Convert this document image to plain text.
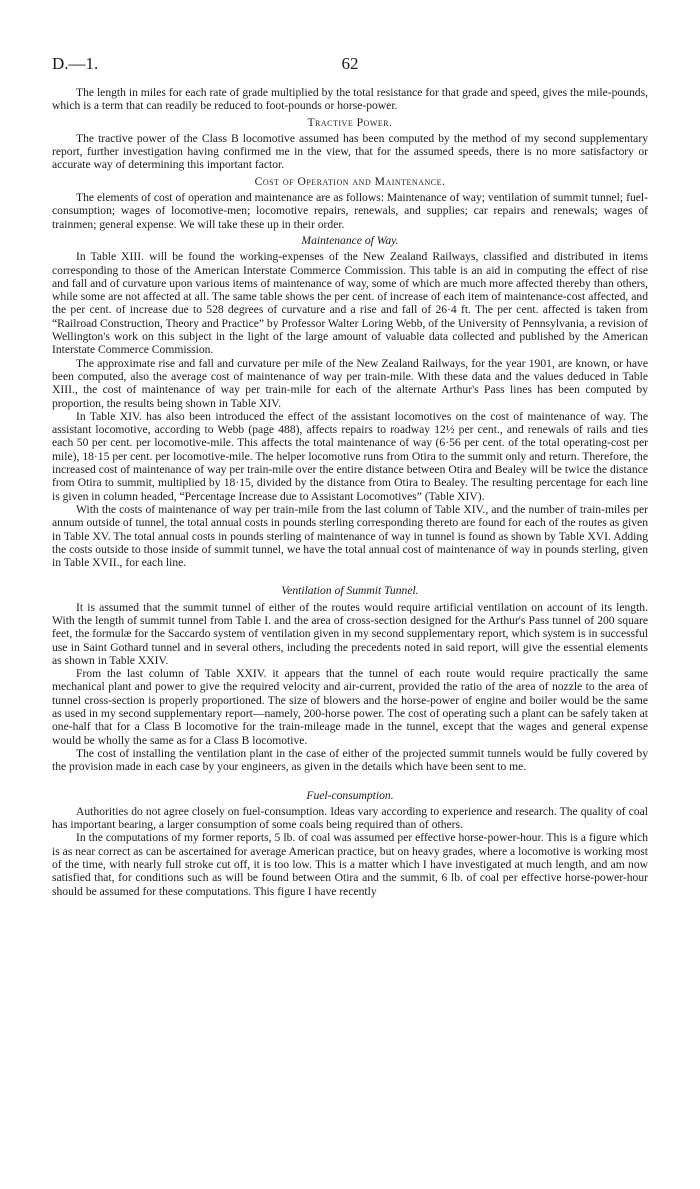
62
D.—1.

The length in miles for each rate of grade multiplied by the total resistance for that grade and speed, gives the mile-pounds, which is a term that can readily be reduced to foot-pounds or horse-power.

Tractive Power.

The tractive power of the Class B locomotive assumed has been computed by the method of my second supplementary report, further investigation having confirmed me in the view, that for the assumed speeds, there is no more satisfactory or accurate way of determining this important factor.

Cost of Operation and Maintenance.

The elements of cost of operation and maintenance are as follows: Maintenance of way; ventilation of summit tunnel; fuel-consumption; wages of locomotive-men; locomotive repairs, renewals, and supplies; car repairs and renewals; wages of trainmen; general expense. We will take these up in their order.

Maintenance of Way.

In Table XIII. will be found the working-expenses of the New Zealand Railways, classified and distributed in items corresponding to those of the American Interstate Commerce Commission. This table is an aid in computing the effect of rise and fall and of curvature upon various items of maintenance of way, some of which are much more affected thereby than others, while some are not affected at all. The same table shows the per cent. of increase of each item of maintenance-cost affected, and the per cent. of increase due to 528 degrees of curvature and a rise and fall of 26·4 ft. The per cent. affected is taken from “Railroad Construction, Theory and Practice” by Professor Walter Loring Webb, of the University of Pennsylvania, a revision of Wellington's work on this subject in the light of the large amount of valuable data collected and published by the American Interstate Commerce Commission.

The approximate rise and fall and curvature per mile of the New Zealand Railways, for the year 1901, are known, or have been computed, also the average cost of maintenance of way per train-mile. With these data and the values deduced in Table XIII., the cost of maintenance of way per train-mile for each of the alternate Arthur's Pass lines has been computed by proportion, the results being shown in Table XIV.

In Table XIV. has also been introduced the effect of the assistant locomotives on the cost of maintenance of way. The assistant locomotive, according to Webb (page 488), affects repairs to roadway 12½ per cent., and renewals of rails and ties each 50 per cent. per locomotive-mile. This affects the total maintenance of way (6·56 per cent. of the total operating-cost per mile), 18·15 per cent. per locomotive-mile. The helper locomotive runs from Otira to the summit only and return. Therefore, the increased cost of maintenance of way per train-mile over the entire distance between Otira and Bealey will be twice the distance from Otira to summit, multiplied by 18·15, divided by the distance from Otira to Bealey. The resulting percentage for each line is given in column headed, “Percentage Increase due to Assistant Locomotives” (Table XIV).

With the costs of maintenance of way per train-mile from the last column of Table XIV., and the number of train-miles per annum outside of tunnel, the total annual costs in pounds sterling corresponding thereto are found for each of the routes as given in Table XV. The total annual costs in pounds sterling of maintenance of way in tunnel is found as shown by Table XVI. Adding the costs outside to those inside of summit tunnel, we have the total annual cost of maintenance of way in pounds sterling, given in Table XVII., for each line.

Ventilation of Summit Tunnel.

It is assumed that the summit tunnel of either of the routes would require artificial ventilation on account of its length. With the length of summit tunnel from Table I. and the area of cross-section designed for the Arthur's Pass tunnel of 200 square feet, the formulæ for the Saccardo system of ventilation given in my second supplementary report, which system is in successful use in Saint Gothard tunnel and in several others, including the precedents noted in said report, will give the essential elements as shown in Table XXIV.

From the last column of Table XXIV. it appears that the tunnel of each route would require practically the same mechanical plant and power to give the required velocity and air-current, provided the ratio of the area of nozzle to the area of tunnel cross-section is properly proportioned. The size of blowers and the horse-power of engine and boiler would be the same as used in my second supplementary report—namely, 200-horse power. The cost of operating such a plant can be safely taken at one-half that for a Class B locomotive for the train-mileage made in the tunnel, except that the wages and general expense would be wholly the same as for a Class B locomotive.

The cost of installing the ventilation plant in the case of either of the projected summit tunnels would be fully covered by the provision made in each case by your engineers, as given in the details which have been sent to me.

Fuel-consumption.

Authorities do not agree closely on fuel-consumption. Ideas vary according to experience and research. The quality of coal has important bearing, a larger consumption of some coals being required than of others.

In the computations of my former reports, 5 lb. of coal was assumed per effective horse-power-hour. This is a figure which is as near correct as can be ascertained for average American practice, but on heavy grades, where a locomotive is working most of the time, with nearly full stroke cut off, it is too low. This is a matter which I have investigated at much length, and am now satisfied that, for conditions such as will be found between Otira and the summit, 6 lb. of coal per effective horse-power-hour should be assumed for these computations. This figure I have recently
